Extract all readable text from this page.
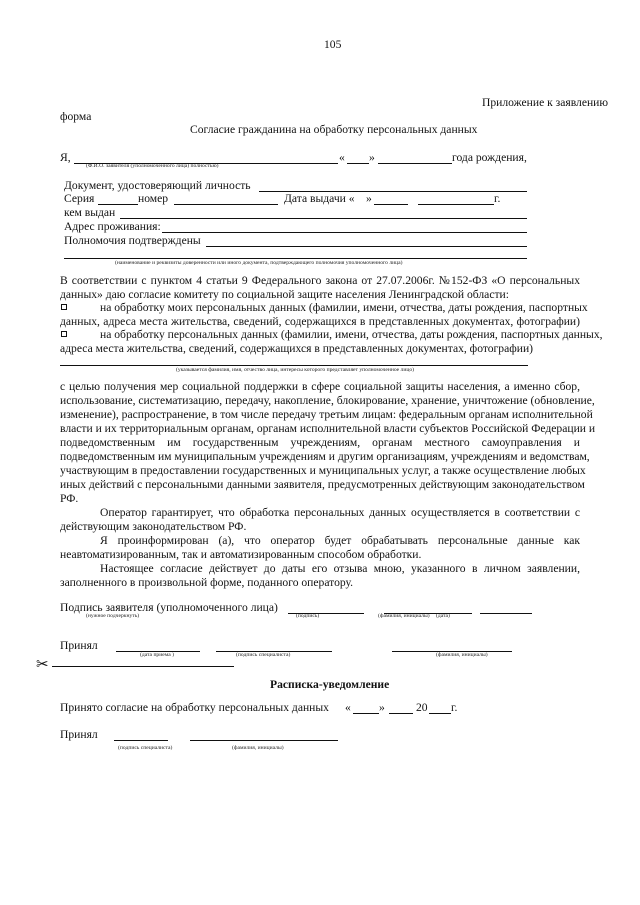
105
Приложение к заявлению
форма
Согласие гражданина на обработку персональных данных
Я,	« »	года рождения,
(Ф.И.О. заявителя (уполномоченного лица) полностью)
Документ, удостоверяющий личность
Серия	номер	Дата выдачи « »	г.
кем выдан
Адрес проживания:
Полномочия подтверждены
(наименование и реквизиты доверенности или иного документа, подтверждающего полномочия уполномоченного лица)
В соответствии с пунктом 4 статьи 9 Федерального закона от 27.07.2006г. №152-ФЗ «О персональных
данных» даю согласие комитету по социальной защите населения Ленинградской области:
на обработку моих персональных данных (фамилии, имени, отчества, даты рождения, паспортных
данных, адреса места жительства, сведений, содержащихся в представленных документах, фотографии)
на обработку персональных данных (фамилии, имени, отчества, даты рождения, паспортных данных,
адреса места жительства, сведений, содержащихся в представленных документах, фотографии)
(указывается фамилия, имя, отчество лица, интересы которого представляет уполномоченное лицо)
с целью получения мер социальной поддержки в сфере социальной защиты населения, а именно сбор,
использование, систематизацию, передачу, накопление, блокирование, хранение, уничтожение (обновление,
изменение), распространение, в том числе передачу третьим лицам: федеральным органам исполнительной
власти и их территориальным органам, органам исполнительной власти субъектов Российской Федерации и
подведомственным им государственным учреждениям, органам местного самоуправления и
подведомственным им муниципальным учреждениям и другим организациям, учреждениям и ведомствам,
участвующим в предоставлении государственных и муниципальных услуг, а также осуществление любых
иных действий с персональными данными заявителя, предусмотренных действующим законодательством
РФ.
Оператор гарантирует, что обработка персональных данных осуществляется в соответствии с
действующим законодательством РФ.
Я проинформирован (а), что оператор будет обрабатывать персональные данные как
неавтоматизированным, так и автоматизированным способом обработки.
Настоящее согласие действует до даты его отзыва мною, указанного в личном заявлении,
заполненного в произвольной форме, поданного оператору.
Подпись заявителя (уполномоченного лица)
(нужное подчеркнуть)	(подпись)	(фамилия, инициалы) (дата)
Принял
(дата приема )	(подпись специалиста)	(фамилия, инициалы)
✂
Расписка-уведомление
Принято согласие на обработку персональных данных « »	20 г.
Принял
(подпись специалиста)	(фамилия, инициалы)
